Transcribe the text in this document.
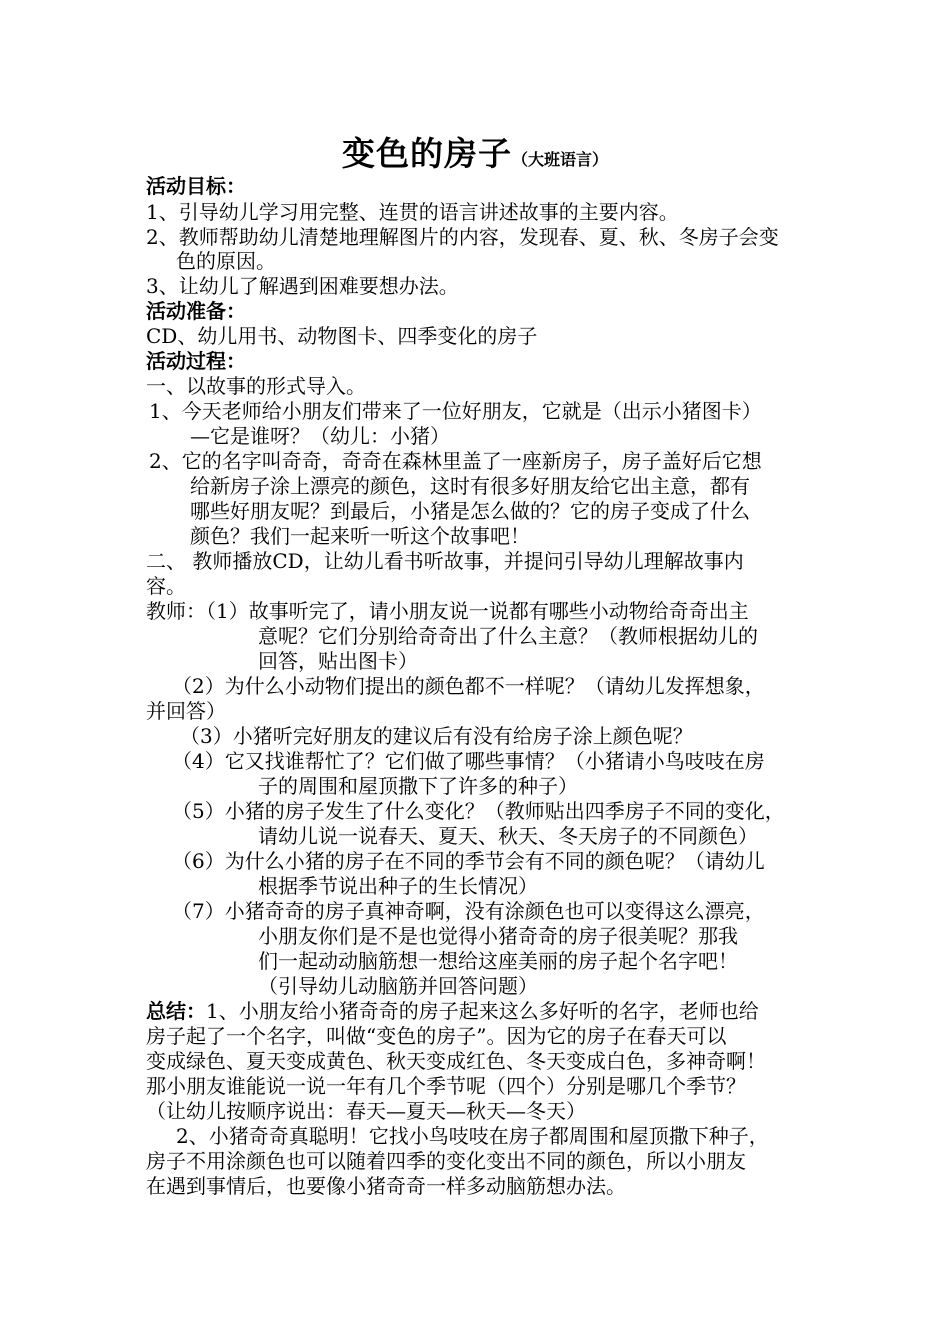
变色的房子（大班语言）
活动目标：
1、引导幼儿学习用完整、连贯的语言讲述故事的主要内容。
2、教师帮助幼儿清楚地理解图片的内容，发现春、夏、秋、冬房子会变
色的原因。
3、让幼儿了解遇到困难要想办法。
活动准备：
CD、幼儿用书、动物图卡、四季变化的房子
活动过程：
一、以故事的形式导入。
1、今天老师给小朋友们带来了一位好朋友，它就是（出示小猪图卡）
—它是谁呀？（幼儿：小猪）
2、它的名字叫奇奇，奇奇在森林里盖了一座新房子，房子盖好后它想
给新房子涂上漂亮的颜色，这时有很多好朋友给它出主意，都有
哪些好朋友呢？到最后，小猪是怎么做的？它的房子变成了什么
颜色？我们一起来听一听这个故事吧！
二、 教师播放CD，让幼儿看书听故事，并提问引导幼儿理解故事内
容。
教师：（1）故事听完了，请小朋友说一说都有哪些小动物给奇奇出主
意呢？它们分别给奇奇出了什么主意？（教师根据幼儿的
回答，贴出图卡）
（2）为什么小动物们提出的颜色都不一样呢？（请幼儿发挥想象，
并回答）
（3）小猪听完好朋友的建议后有没有给房子涂上颜色呢？
（4）它又找谁帮忙了？它们做了哪些事情？（小猪请小鸟吱吱在房
子的周围和屋顶撒下了许多的种子）
（5）小猪的房子发生了什么变化？（教师贴出四季房子不同的变化，
请幼儿说一说春天、夏天、秋天、冬天房子的不同颜色）
（6）为什么小猪的房子在不同的季节会有不同的颜色呢？（请幼儿
根据季节说出种子的生长情况）
（7）小猪奇奇的房子真神奇啊，没有涂颜色也可以变得这么漂亮，
小朋友你们是不是也觉得小猪奇奇的房子很美呢？那我
们一起动动脑筋想一想给这座美丽的房子起个名字吧！
（引导幼儿动脑筋并回答问题）
总结：1、小朋友给小猪奇奇的房子起来这么多好听的名字，老师也给
房子起了一个名字，叫做“变色的房子”。因为它的房子在春天可以
变成绿色、夏天变成黄色、秋天变成红色、冬天变成白色，多神奇啊！
那小朋友谁能说一说一年有几个季节呢（四个）分别是哪几个季节？
（让幼儿按顺序说出：春天—夏天—秋天—冬天）
2、小猪奇奇真聪明！它找小鸟吱吱在房子都周围和屋顶撒下种子，
房子不用涂颜色也可以随着四季的变化变出不同的颜色，所以小朋友
在遇到事情后，也要像小猪奇奇一样多动脑筋想办法。
